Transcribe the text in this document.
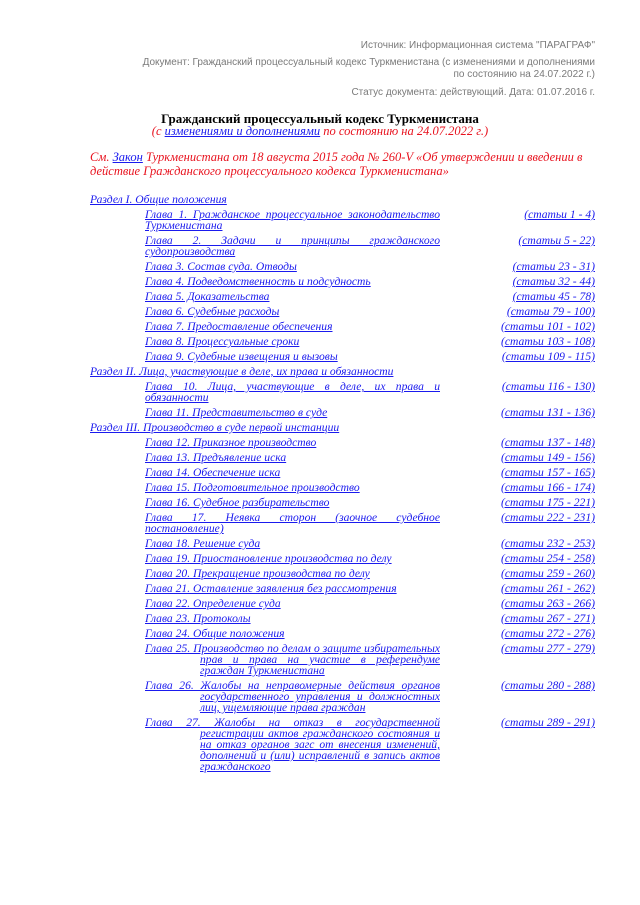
Источник: Информационная система "ПАРАГРАФ"
Документ: Гражданский процессуальный кодекс Туркменистана (с изменениями и дополнениями
по состоянию на 24.07.2022 г.)
Статус документа: действующий. Дата: 01.07.2016 г.
Гражданский процессуальный кодекс Туркменистана
(с изменениями и дополнениями по состоянию на 24.07.2022 г.)
См. Закон Туркменистана от 18 августа 2015 года № 260-V «Об утверждении и введении в действие Гражданского процессуального кодекса Туркменистана»
Раздел I. Общие положения
Глава 1. Гражданское процессуальное законодательство Туркменистана
(статьи 1 - 4)
Глава 2. Задачи и принципы гражданского судопроизводства
(статьи 5 - 22)
Глава 3. Состав суда. Отводы	(статьи 23 - 31)
Глава 4. Подведомственность и подсудность	(статьи 32 - 44)
Глава 5. Доказательства	(статьи 45 - 78)
Глава 6. Судебные расходы	(статьи 79 - 100)
Глава 7. Предоставление обеспечения	(статьи 101 - 102)
Глава 8. Процессуальные сроки	(статьи 103 - 108)
Глава 9. Судебные извещения и вызовы	(статьи 109 - 115)
Раздел II. Лица, участвующие в деле, их права и обязанности
Глава 10. Лица, участвующие в деле, их права и обязанности
(статьи 116 - 130)
Глава 11. Представительство в суде	(статьи 131 - 136)
Раздел III. Производство в суде первой инстанции
Глава 12. Приказное производство	(статьи 137 - 148)
Глава 13. Предъявление иска	(статьи 149 - 156)
Глава 14. Обеспечение иска	(статьи 157 - 165)
Глава 15. Подготовительное производство	(статьи 166 - 174)
Глава 16. Судебное разбирательство	(статьи 175 - 221)
Глава 17. Неявка сторон (заочное судебное постановление)
(статьи 222 - 231)
Глава 18. Решение суда	(статьи 232 - 253)
Глава 19. Приостановление производства по делу	(статьи 254 - 258)
Глава 20. Прекращение производства по делу	(статьи 259 - 260)
Глава 21. Оставление заявления без рассмотрения	(статьи 261 - 262)
Глава 22. Определение суда	(статьи 263 - 266)
Глава 23. Протоколы	(статьи 267 - 271)
Глава 24. Общие положения	(статьи 272 - 276)
Глава 25. Производство по делам о защите избирательных прав и права на участие в референдуме граждан Туркменистана
(статьи 277 - 279)
Глава 26. Жалобы на неправомерные действия органов государственного управления и должностных лиц, ущемляющие права граждан
(статьи 280 - 288)
Глава 27. Жалобы на отказ в государственной регистрации актов гражданского состояния и на отказ органов загс от внесения изменений, дополнений и (или) исправлений в запись актов гражданского
(статьи 289 - 291)
